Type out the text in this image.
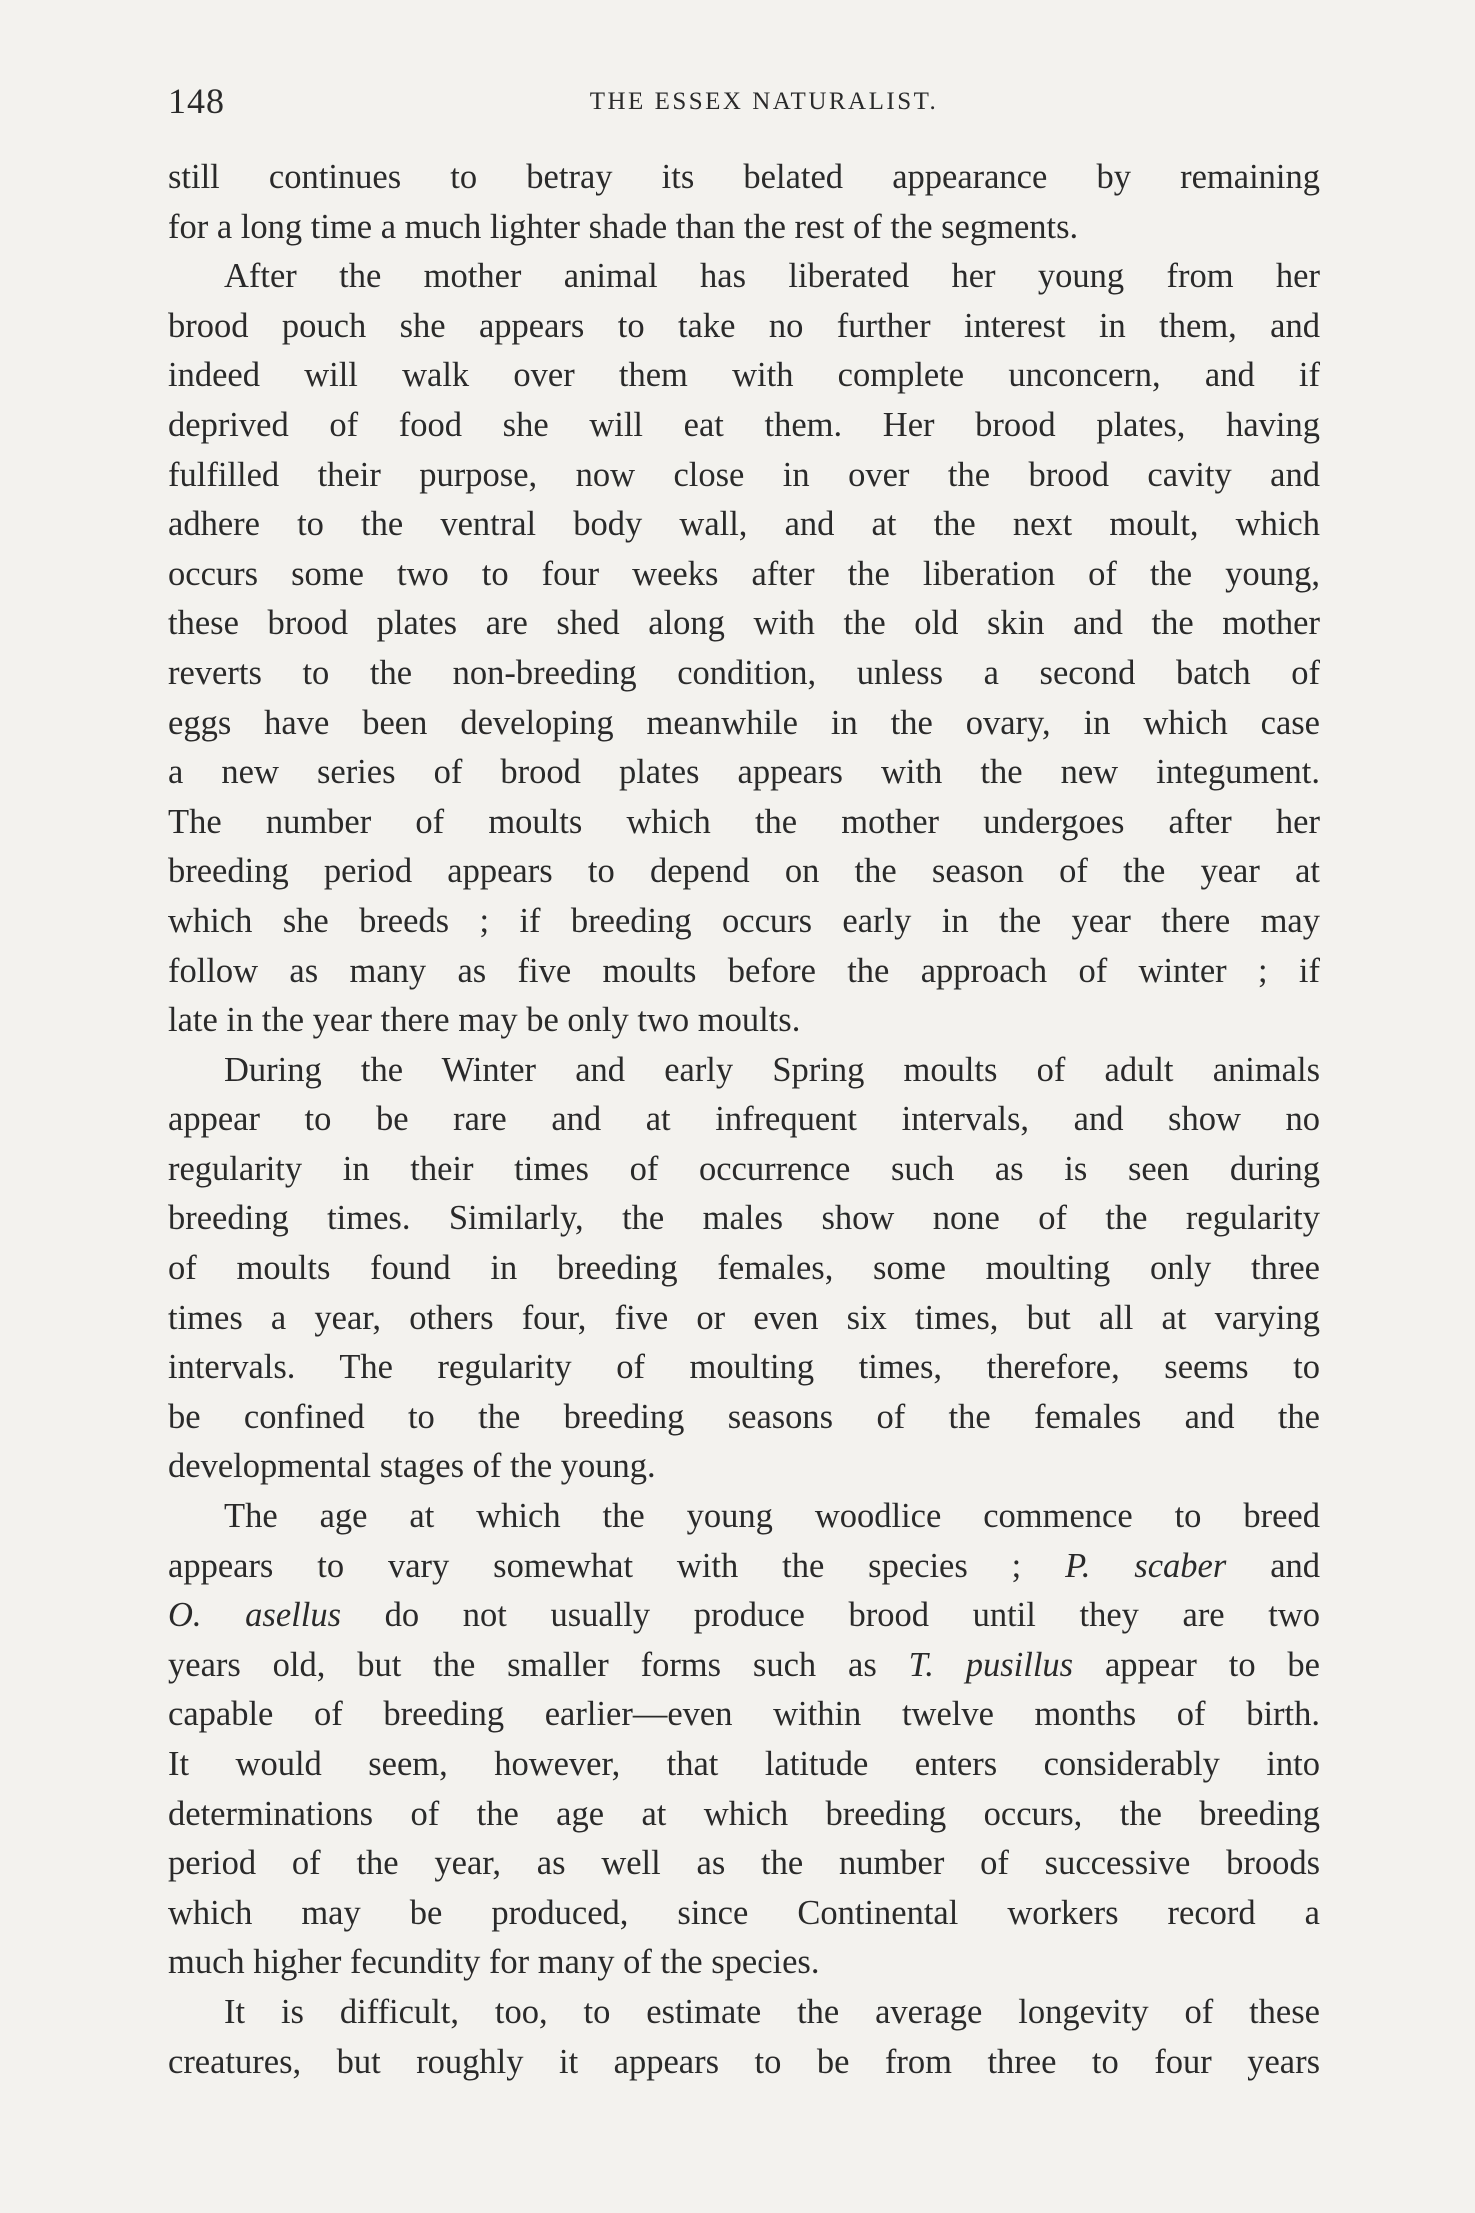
148	THE ESSEX NATURALIST.
still continues to betray its belated appearance by remaining
for a long time a much lighter shade than the rest of the segments.
After the mother animal has liberated her young from her
brood pouch she appears to take no further interest in them, and
indeed will walk over them with complete unconcern, and if
deprived of food she will eat them. Her brood plates, having
fulfilled their purpose, now close in over the brood cavity and
adhere to the ventral body wall, and at the next moult, which
occurs some two to four weeks after the liberation of the young,
these brood plates are shed along with the old skin and the mother
reverts to the non-breeding condition, unless a second batch of
eggs have been developing meanwhile in the ovary, in which case
a new series of brood plates appears with the new integument.
The number of moults which the mother undergoes after her
breeding period appears to depend on the season of the year at
which she breeds ; if breeding occurs early in the year there may
follow as many as five moults before the approach of winter ; if
late in the year there may be only two moults.
During the Winter and early Spring moults of adult animals
appear to be rare and at infrequent intervals, and show no
regularity in their times of occurrence such as is seen during
breeding times. Similarly, the males show none of the regularity
of moults found in breeding females, some moulting only three
times a year, others four, five or even six times, but all at varying
intervals. The regularity of moulting times, therefore, seems to
be confined to the breeding seasons of the females and the
developmental stages of the young.
The age at which the young woodlice commence to breed
appears to vary somewhat with the species ; P. scaber and
O. asellus do not usually produce brood until they are two
years old, but the smaller forms such as T. pusillus appear to be
capable of breeding earlier—even within twelve months of birth.
It would seem, however, that latitude enters considerably into
determinations of the age at which breeding occurs, the breeding
period of the year, as well as the number of successive broods
which may be produced, since Continental workers record a
much higher fecundity for many of the species.
It is difficult, too, to estimate the average longevity of these
creatures, but roughly it appears to be from three to four years
